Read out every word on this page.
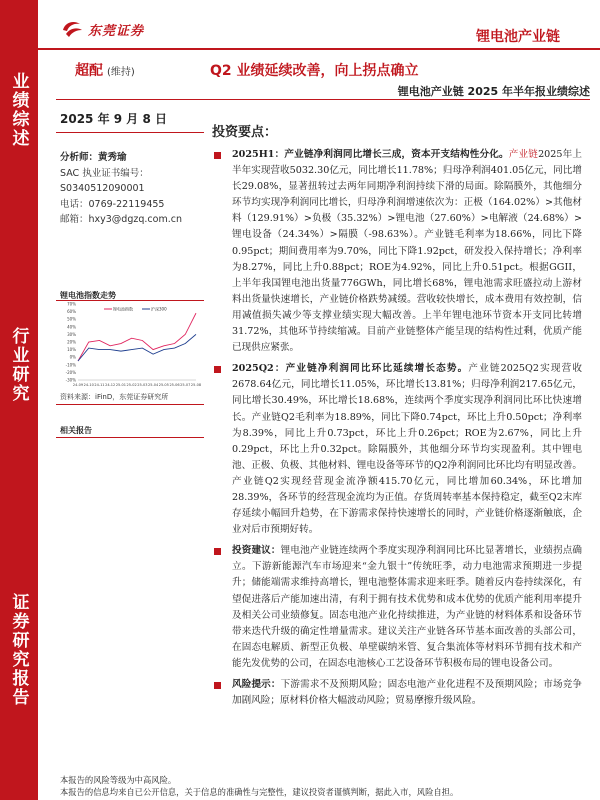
业绩综述
行业研究
证券研究报告
东莞证券	锂电池产业链
超配 (维持)	Q2 业绩延续改善，向上拐点确立
锂电池产业链 2025 年半年报业绩综述
2025 年 9 月 8 日
分析师：黄秀瑜
SAC 执业证书编号：
S0340512090001
电话：0769-22119455
邮箱：hxy3@dgzq.com.cn
锂电池指数走势
70%
60%
50%
40%
30%
20%
10%
0%
-10%
-20%
-30%
24-09 24-10 24-11 24-12 25-01 25-02 25-03 25-04 25-05 25-06 25-07 25-08
锂电池指数	沪深300
资料来源：iFinD，东莞证券研究所
相关报告
投资要点：
2025H1：产业链净利润同比增长三成，资本开支结构性分化。产业链2025年上半年实现营收5032.30亿元，同比增长11.78%；归母净利润401.05亿元，同比增长29.08%，显著扭转过去两年同期净利润持续下滑的局面。除隔膜外，其他细分环节均实现净利润同比增长，归母净利润增速依次为：正极（164.02%）>其他材料（129.91%）>负极（35.32%）>锂电池（27.60%）>电解液（24.68%）>锂电设备（24.34%）>隔膜（-98.63%）。产业链毛利率为18.66%，同比下降0.95pct；期间费用率为9.70%，同比下降1.92pct，研发投入保持增长；净利率为8.27%，同比上升0.88pct；ROE为4.92%，同比上升0.51pct。根据GGII，上半年我国锂电池出货量776GWh，同比增长68%，锂电池需求旺盛拉动上游材料出货量快速增长，产业链价格跌势减缓。营收较快增长，成本费用有效控制，信用减值损失减少等支撑业绩实现大幅改善。上半年锂电池环节资本开支同比转增31.72%，其他环节持续缩减。目前产业链整体产能呈现的结构性过剩，优质产能已现供应紧张。
2025Q2：产业链净利润同比环比延续增长态势。产业链2025Q2实现营收2678.64亿元，同比增长11.05%，环比增长13.81%；归母净利润217.65亿元，同比增长30.49%，环比增长18.68%，连续两个季度实现净利润同比环比快速增长。产业链Q2毛利率为18.89%，同比下降0.74pct，环比上升0.50pct；净利率为8.39%，同比上升0.73pct，环比上升0.26pct；ROE为2.67%，同比上升0.29pct，环比上升0.32pct。除隔膜外，其他细分环节均实现盈利。其中锂电池、正极、负极、其他材料、锂电设备等环节的Q2净利润同比环比均有明显改善。产业链Q2实现经营现金流净额415.70亿元，同比增加60.34%，环比增加28.39%，各环节的经营现金流均为正值。存货周转率基本保持稳定，截至Q2末库存延续小幅回升趋势，在下游需求保持快速增长的同时，产业链价格逐渐触底，企业对后市预期好转。
投资建议：锂电池产业链连续两个季度实现净利润同比环比显著增长，业绩拐点确立。下游新能源汽车市场迎来“金九银十”传统旺季，动力电池需求预期进一步提升；储能端需求维持高增长，锂电池整体需求迎来旺季。随着反内卷持续深化，有望促进落后产能加速出清，有利于拥有技术优势和成本优势的优质产能利用率提升及相关公司业绩修复。固态电池产业化持续推进，为产业链的材料体系和设备环节带来迭代升级的确定性增量需求。建议关注产业链各环节基本面改善的头部公司，在固态电解质、新型正负极、单壁碳纳米管、复合集流体等材料环节拥有技术和产能先发优势的公司，在固态电池核心工艺设备环节积极布局的锂电设备公司。
风险提示：下游需求不及预期风险；固态电池产业化进程不及预期风险；市场竞争加剧风险；原材料价格大幅波动风险；贸易摩擦升级风险。
本报告的风险等级为中高风险。
本报告的信息均来自已公开信息，关于信息的准确性与完整性，建议投资者谨慎判断，据此入市，风险自担。
